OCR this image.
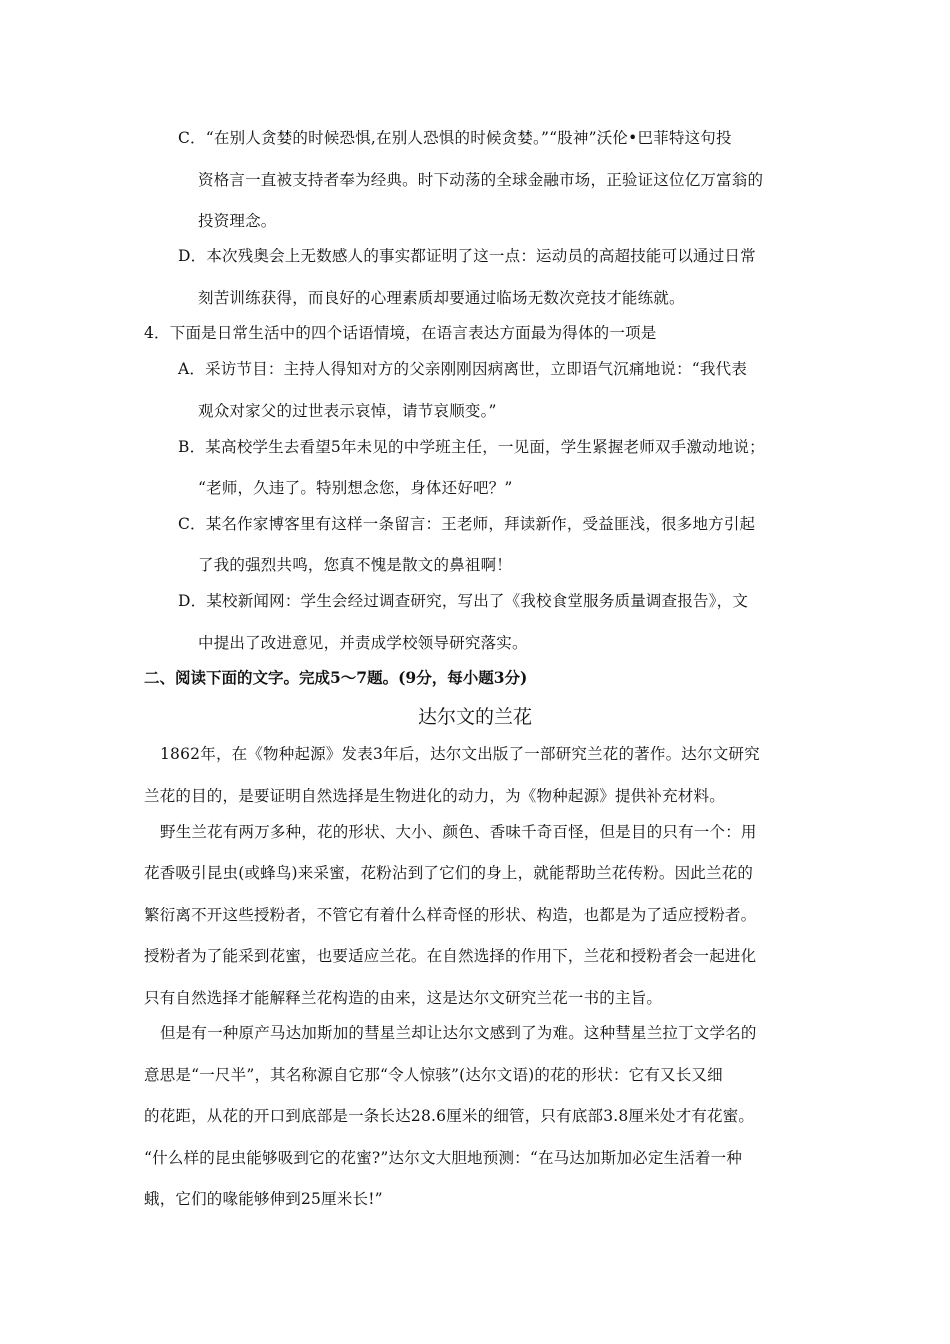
C．“在别人贪婪的时候恐惧,在别人恐惧的时候贪婪。”“股神”沃伦•巴菲特这句投
资格言一直被支持者奉为经典。时下动荡的全球金融市场，正验证这位亿万富翁的
投资理念。
D．本次残奥会上无数感人的事实都证明了这一点：运动员的高超技能可以通过日常
刻苦训练获得，而良好的心理素质却要通过临场无数次竞技才能练就。
4．下面是日常生活中的四个话语情境，在语言表达方面最为得体的一项是
A．采访节目：主持人得知对方的父亲刚刚因病离世，立即语气沉痛地说：“我代表
观众对家父的过世表示哀悼，请节哀顺变。”
B．某高校学生去看望5年未见的中学班主任，一见面，学生紧握老师双手激动地说；
“老师，久违了。特别想念您，身体还好吧？”
C．某名作家博客里有这样一条留言：王老师，拜读新作，受益匪浅，很多地方引起
了我的强烈共鸣，您真不愧是散文的鼻祖啊！
D．某校新闻网：学生会经过调查研究，写出了《我校食堂服务质量调查报告》，文
中提出了改进意见，并责成学校领导研究落实。
二、阅读下面的文字。完成5～7题。(9分，每小题3分)
达尔文的兰花
1862年，在《物种起源》发表3年后，达尔文出版了一部研究兰花的著作。达尔文研究
兰花的目的，是要证明自然选择是生物进化的动力，为《物种起源》提供补充材料。
野生兰花有两万多种，花的形状、大小、颜色、香味千奇百怪，但是目的只有一个：用
花香吸引昆虫(或蜂鸟)来采蜜，花粉沾到了它们的身上，就能帮助兰花传粉。因此兰花的
繁衍离不开这些授粉者，不管它有着什么样奇怪的形状、构造，也都是为了适应授粉者。
授粉者为了能采到花蜜，也要适应兰花。在自然选择的作用下，兰花和授粉者会一起进化
只有自然选择才能解释兰花构造的由来，这是达尔文研究兰花一书的主旨。
但是有一种原产马达加斯加的彗星兰却让达尔文感到了为难。这种彗星兰拉丁文学名的
意思是“一尺半”，其名称源自它那“令人惊骇”(达尔文语)的花的形状：它有又长又细
的花距，从花的开口到底部是一条长达28.6厘米的细管，只有底部3.8厘米处才有花蜜。
“什么样的昆虫能够吸到它的花蜜?”达尔文大胆地预测：“在马达加斯加必定生活着一种
蛾，它们的喙能够伸到25厘米长!”
